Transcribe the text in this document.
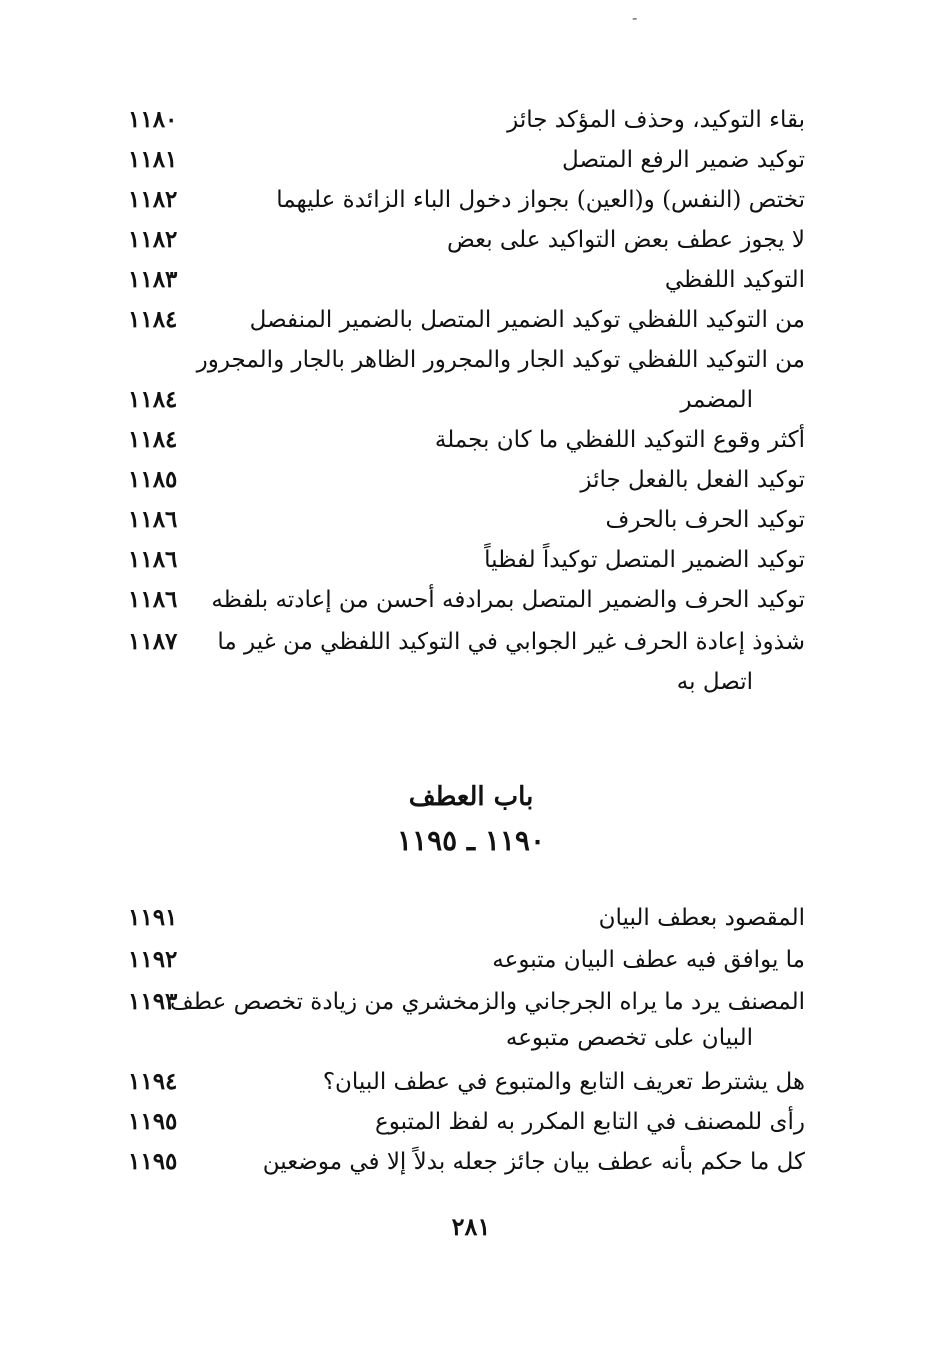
-
بقاء التوكيد، وحذف المؤكد جائز
١١٨٠
توكيد ضمير الرفع المتصل
١١٨١
تختص (النفس) و(العين) بجواز دخول الباء الزائدة عليهما
١١٨٢
لا يجوز عطف بعض التواكيد على بعض
١١٨٢
التوكيد اللفظي
١١٨٣
من التوكيد اللفظي توكيد الضمير المتصل بالضمير المنفصل
١١٨٤
من التوكيد اللفظي توكيد الجار والمجرور الظاهر بالجار والمجرور
المضمر
١١٨٤
أكثر وقوع التوكيد اللفظي ما كان بجملة
١١٨٤
توكيد الفعل بالفعل جائز
١١٨٥
توكيد الحرف بالحرف
١١٨٦
توكيد الضمير المتصل توكيداً لفظياً
١١٨٦
توكيد الحرف والضمير المتصل بمرادفه أحسن من إعادته بلفظه
١١٨٦
شذوذ إعادة الحرف غير الجوابي في التوكيد اللفظي من غير ما
١١٨٧
اتصل به
باب العطف
١١٩٠ ـ ١١٩٥
المقصود بعطف البيان
١١٩١
ما يوافق فيه عطف البيان متبوعه
١١٩٢
المصنف يرد ما يراه الجرجاني والزمخشري من زيادة تخصص عطف
١١٩٣
البيان على تخصص متبوعه
هل يشترط تعريف التابع والمتبوع في عطف البيان؟
١١٩٤
رأى للمصنف في التابع المكرر به لفظ المتبوع
١١٩٥
كل ما حكم بأنه عطف بيان جائز جعله بدلاً إلا في موضعين
١١٩٥
٢٨١
